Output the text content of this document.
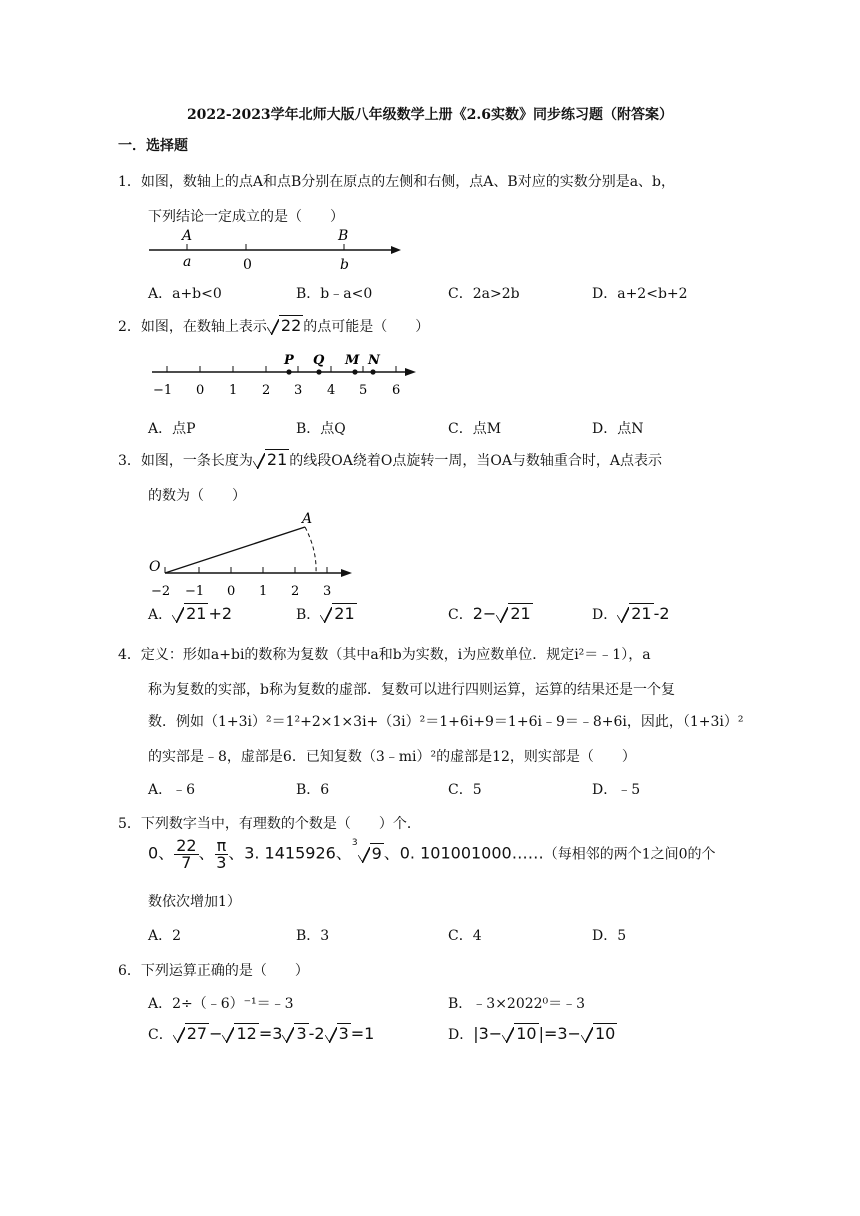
2022-2023学年北师大版八年级数学上册《2.6实数》同步练习题（附答案）
一．选择题
1．如图，数轴上的点A和点B分别在原点的左侧和右侧，点A、B对应的实数分别是a、b，
下列结论一定成立的是（　　）
A	B
a	0	b
A．a+b<0	B．b﹣a<0	C．2a>2b	D．a+2<b+2
2．如图，在数轴上表示 22 的点可能是（　　）
−1 0 1 2 3 4 5 6
P Q M N
A．点P	B．点Q	C．点M	D．点N
3．如图，一条长度为 21 的线段OA绕着O点旋转一周，当OA与数轴重合时，A点表示
的数为（　　）
O
A
−2 −1 0 1 2 3
A． 21 +2	B． 21	C．2− 21	D． 21 -2
4．定义：形如a+bi的数称为复数（其中a和b为实数，i为应数单位．规定i²＝﹣1），a
称为复数的实部，b称为复数的虚部．复数可以进行四则运算，运算的结果还是一个复
数．例如（1+3i）²＝1²+2×1×3i+（3i）²＝1+6i+9＝1+6i﹣9＝﹣8+6i，因此，（1+3i）²
的实部是﹣8，虚部是6．已知复数（3﹣mi）²的虚部是12，则实部是（　　）
A．﹣6	B．6	C．5	D．﹣5
5．下列数字当中，有理数的个数是（　　）个．
0、 $\frac{22}{7}$ 、 $\frac{\pi}{3}$ 、3. 1415926、$^3$9 、0. 101001000……（每相邻的两个1之间0的个
数依次增加1）
A．2	B．3	C．4	D．5
6．下列运算正确的是（　　）
A．2÷（﹣6）⁻¹＝﹣3	B．﹣3×2022⁰＝﹣3
C． 27 − 12 =3 3 -2 3 =1	D．|3− 10 |=3− 10
